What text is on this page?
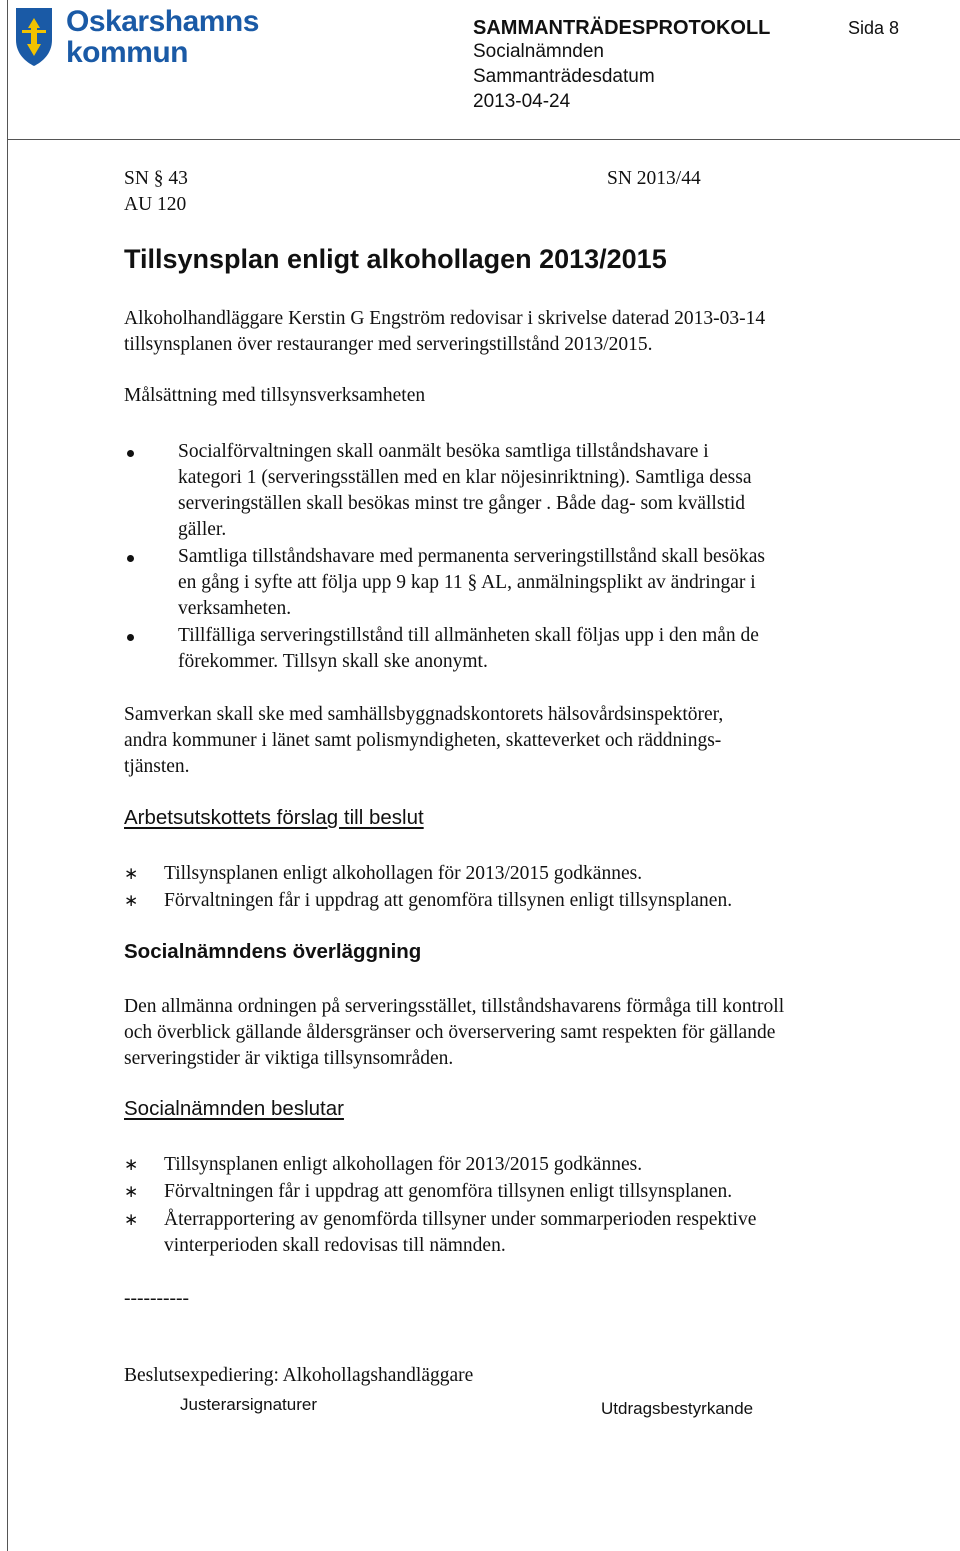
Oskarshamns
kommun
SAMMANTRÄDESPROTOKOLL	Sida 8
Socialnämnden
Sammanträdesdatum
2013-04-24
SN § 43
AU 120
SN 2013/44
Tillsynsplan enligt alkohollagen 2013/2015
Alkoholhandläggare Kerstin G Engström redovisar i skrivelse daterad 2013-03-14
tillsynsplanen över restauranger med serveringstillstånd 2013/2015.
Målsättning med tillsynsverksamheten
Socialförvaltningen skall oanmält besöka samtliga tillståndshavare i
kategori 1 (serveringsställen med en klar nöjesinriktning). Samtliga dessa
serveringställen skall besökas minst tre gånger . Både dag- som kvällstid
gäller.
Samtliga tillståndshavare med permanenta serveringstillstånd skall besökas
en gång i syfte att följa upp 9 kap 11 § AL, anmälningsplikt av ändringar i
verksamheten.
Tillfälliga serveringstillstånd till allmänheten skall följas upp i den mån de
förekommer. Tillsyn skall ske anonymt.
Samverkan skall ske med samhällsbyggnadskontorets hälsovårdsinspektörer,
andra kommuner i länet samt polismyndigheten, skatteverket och räddnings-
tjänsten.
Arbetsutskottets förslag till beslut
∗ Tillsynsplanen enligt alkohollagen för 2013/2015 godkännes.
∗ Förvaltningen får i uppdrag att genomföra tillsynen enligt tillsynsplanen.
Socialnämndens överläggning
Den allmänna ordningen på serveringsstället, tillståndshavarens förmåga till kontroll
och överblick gällande åldersgränser och överservering samt respekten för gällande
serveringstider är viktiga tillsynsområden.
Socialnämnden beslutar
∗ Tillsynsplanen enligt alkohollagen för 2013/2015 godkännes.
∗ Förvaltningen får i uppdrag att genomföra tillsynen enligt tillsynsplanen.
∗ Återrapportering av genomförda tillsyner under sommarperioden respektive
vinterperioden skall redovisas till nämnden.
----------
Beslutsexpediering: Alkohollagshandläggare
Justerarsignaturer	Utdragsbestyrkande
